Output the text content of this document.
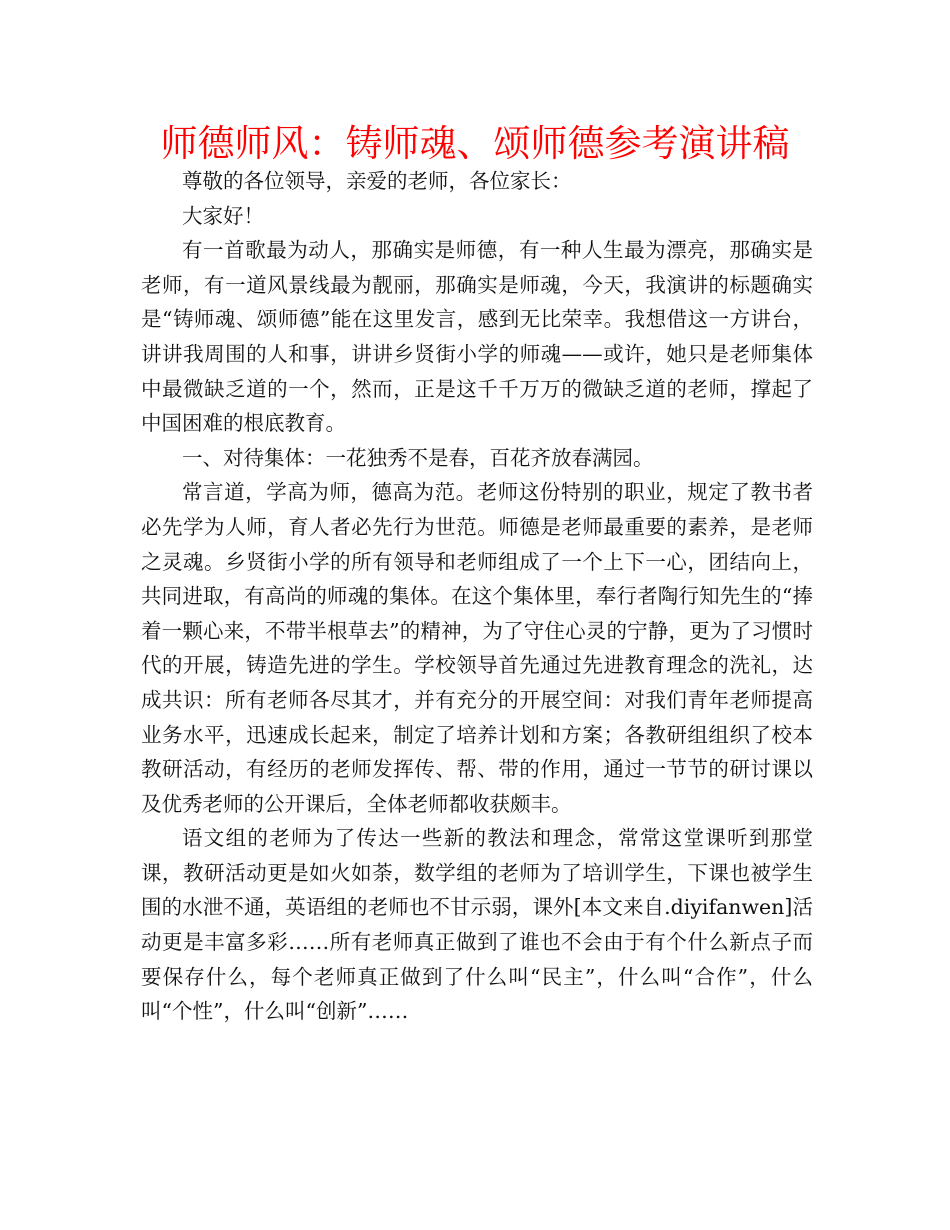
师德师风：铸师魂、颂师德参考演讲稿

尊敬的各位领导，亲爱的老师，各位家长：

大家好！

有一首歌最为动人，那确实是师德，有一种人生最为漂亮，那确实是老师，有一道风景线最为靓丽，那确实是师魂，今天，我演讲的标题确实是“铸师魂、颂师德”能在这里发言，感到无比荣幸。我想借这一方讲台，讲讲我周围的人和事，讲讲乡贤街小学的师魂——或许，她只是老师集体中最微缺乏道的一个，然而，正是这千千万万的微缺乏道的老师，撑起了中国困难的根底教育。

一、对待集体：一花独秀不是春，百花齐放春满园。

常言道，学高为师，德高为范。老师这份特别的职业，规定了教书者必先学为人师，育人者必先行为世范。师德是老师最重要的素养，是老师之灵魂。乡贤街小学的所有领导和老师组成了一个上下一心，团结向上，共同进取，有高尚的师魂的集体。在这个集体里，奉行者陶行知先生的“捧着一颗心来，不带半根草去”的精神，为了守住心灵的宁静，更为了习惯时代的开展，铸造先进的学生。学校领导首先通过先进教育理念的洗礼，达成共识：所有老师各尽其才，并有充分的开展空间：对我们青年老师提高业务水平，迅速成长起来，制定了培养计划和方案；各教研组组织了校本教研活动，有经历的老师发挥传、帮、带的作用，通过一节节的研讨课以及优秀老师的公开课后，全体老师都收获颇丰。

语文组的老师为了传达一些新的教法和理念，常常这堂课听到那堂课，教研活动更是如火如荼，数学组的老师为了培训学生，下课也被学生围的水泄不通，英语组的老师也不甘示弱，课外[本文来自.diyifanwen]活动更是丰富多彩……所有老师真正做到了谁也不会由于有个什么新点子而要保存什么，每个老师真正做到了什么叫“民主”，什么叫“合作”，什么叫“个性”，什么叫“创新”……
